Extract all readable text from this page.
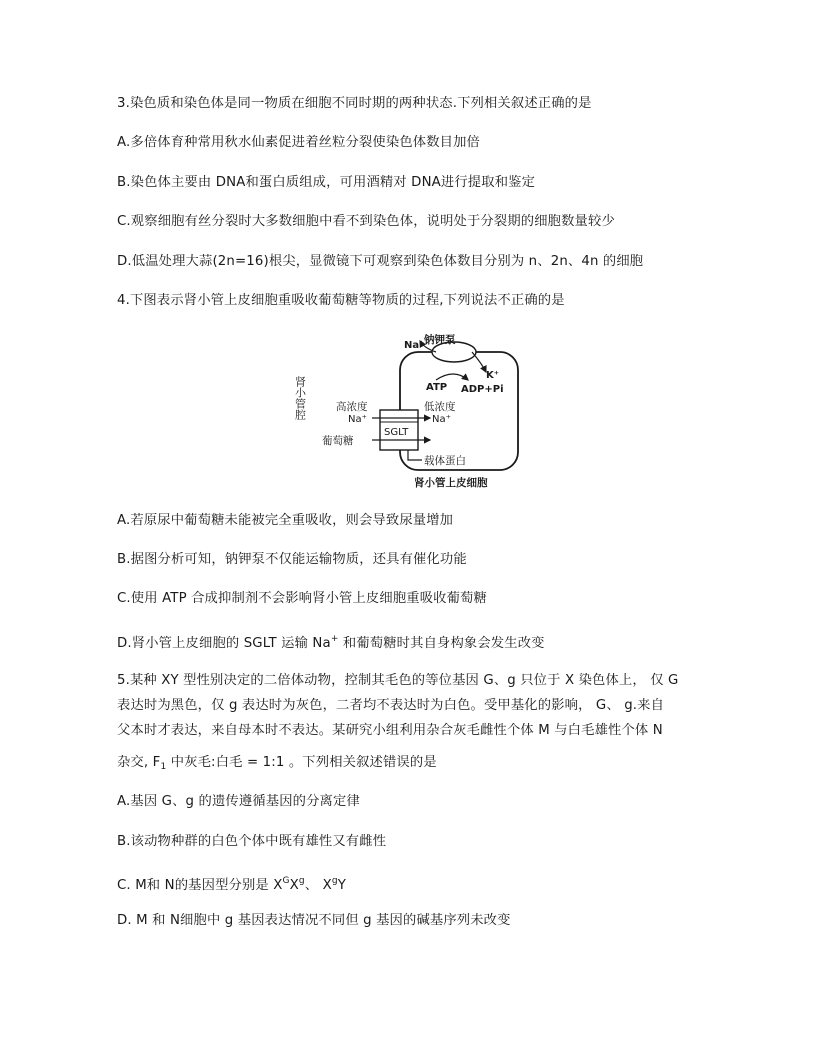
3.染色质和染色体是同一物质在细胞不同时期的两种状态.下列相关叙述正确的是
A.多倍体育种常用秋水仙素促进着丝粒分裂使染色体数目加倍
B.染色体主要由 DNA和蛋白质组成，可用酒精对 DNA进行提取和鉴定
C.观察细胞有丝分裂时大多数细胞中看不到染色体，说明处于分裂期的细胞数量较少
D.低温处理大蒜(2n=16)根尖，显微镜下可观察到染色体数目分别为 n、2n、4n 的细胞
4.下图表示肾小管上皮细胞重吸收葡萄糖等物质的过程,下列说法不正确的是
肾小管腔
钠钾泵
Na⁺
K⁺
ATP ADP+Pi
高浓度
Na⁺
低浓度
Na⁺
SGLT
葡萄糖
载体蛋白
肾小管上皮细胞
A.若原尿中葡萄糖未能被完全重吸收，则会导致尿量增加
B.据图分析可知，钠钾泵不仅能运输物质，还具有催化功能
C.使用 ATP 合成抑制剂不会影响肾小管上皮细胞重吸收葡萄糖
D.肾小管上皮细胞的 SGLT 运输 Na+ 和葡萄糖时其自身构象会发生改变
5.某种 XY 型性别决定的二倍体动物，控制其毛色的等位基因 G、g 只位于 X 染色体上， 仅 G
表达时为黑色，仅 g 表达时为灰色，二者均不表达时为白色。受甲基化的影响， G、 g.来自
父本时才表达，来自母本时不表达。某研究小组利用杂合灰毛雌性个体 M 与白毛雄性个体 N
杂交, $F_1$ 中灰毛:白毛 = 1:1 。下列相关叙述错误的是
A.基因 G、g 的遗传遵循基因的分离定律
B.该动物种群的白色个体中既有雄性又有雌性
C. M和 N的基因型分别是 $X^GX^g$、 $X^gY$
D. M 和 N细胞中 g 基因表达情况不同但 g 基因的碱基序列未改变
